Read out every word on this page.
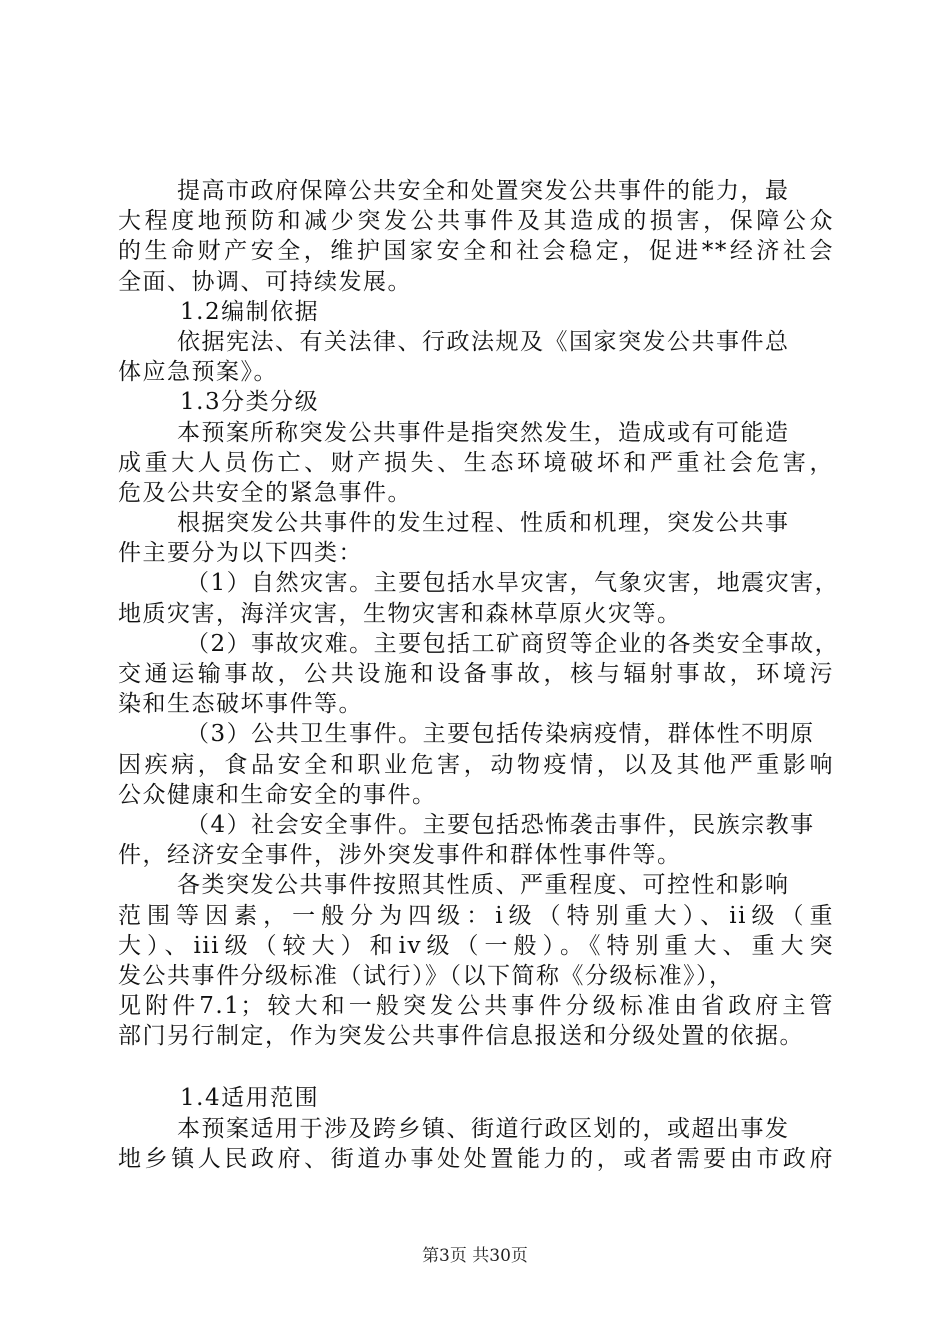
提高市政府保障公共安全和处置突发公共事件的能力，最
大程度地预防和减少突发公共事件及其造成的损害，保障公众
的生命财产安全，维护国家安全和社会稳定，促进**经济社会
全面、协调、可持续发展。
1.2编制依据
依据宪法、有关法律、行政法规及《国家突发公共事件总
体应急预案》。
1.3分类分级
本预案所称突发公共事件是指突然发生，造成或有可能造
成重大人员伤亡、财产损失、生态环境破坏和严重社会危害，
危及公共安全的紧急事件。
根据突发公共事件的发生过程、性质和机理，突发公共事
件主要分为以下四类：
（1）自然灾害。主要包括水旱灾害，气象灾害，地震灾害，
地质灾害，海洋灾害，生物灾害和森林草原火灾等。
（2）事故灾难。主要包括工矿商贸等企业的各类安全事故，
交通运输事故，公共设施和设备事故，核与辐射事故，环境污
染和生态破坏事件等。
（3）公共卫生事件。主要包括传染病疫情，群体性不明原
因疾病，食品安全和职业危害，动物疫情，以及其他严重影响
公众健康和生命安全的事件。
（4）社会安全事件。主要包括恐怖袭击事件，民族宗教事
件，经济安全事件，涉外突发事件和群体性事件等。
各类突发公共事件按照其性质、严重程度、可控性和影响
范围等因素，一般分为四级：i级（特别重大）、ii级（重
大）、iii级（较大）和iv级（一般）。《特别重大、重大突
发公共事件分级标准（试行）》（以下简称《分级标准》），
见附件7.1；较大和一般突发公共事件分级标准由省政府主管
部门另行制定，作为突发公共事件信息报送和分级处置的依据。
1.4适用范围
本预案适用于涉及跨乡镇、街道行政区划的，或超出事发
地乡镇人民政府、街道办事处处置能力的，或者需要由市政府
第3页 共30页
